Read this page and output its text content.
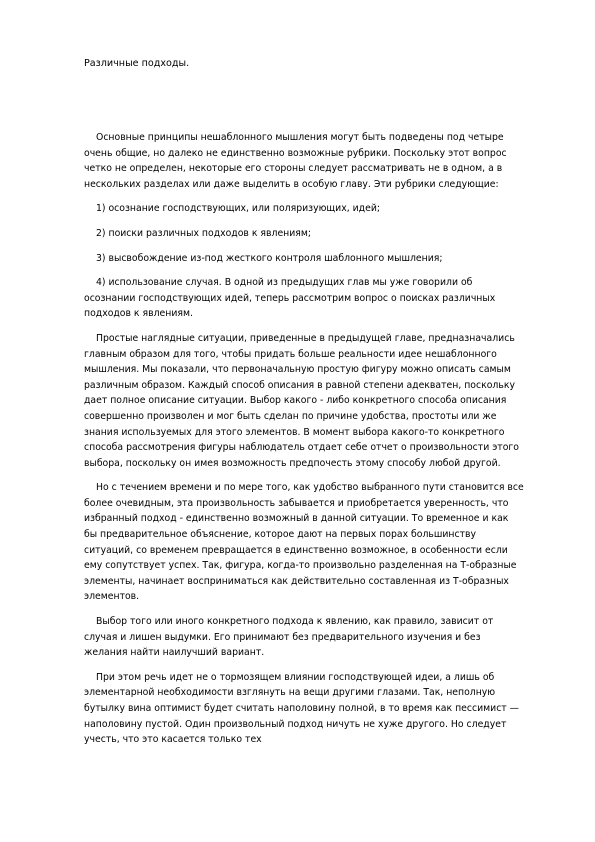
Различные подходы.

Основные принципы нешаблонного мышления могут быть подведены под четыре очень общие, но далеко не единственно возможные рубрики. Поскольку этот вопрос четко не определен, некоторые его стороны следует рассматривать не в одном, а в нескольких разделах или даже выделить в особую главу. Эти рубрики следующие:

1) осознание господствующих, или поляризующих, идей;

2) поиски различных подходов к явлениям;

3) высвобождение из-под жесткого контроля шаблонного мышления;

4) использование случая. В одной из предыдущих глав мы уже говорили об осознании господствующих идей, теперь рассмотрим вопрос о поисках различных подходов к явлениям.

Простые наглядные ситуации, приведенные в предыдущей главе, предназначались главным образом для того, чтобы придать больше реальности идее нешаблонного мышления. Мы показали, что первоначальную простую фигуру можно описать самым различным образом. Каждый способ описания в равной степени адекватен, поскольку дает полное описание ситуации. Выбор какого - либо конкретного способа описания совершенно произволен и мог быть сделан по причине удобства, простоты или же знания используемых для этого элементов. В момент выбора какого-то конкретного способа рассмотрения фигуры наблюдатель отдает себе отчет о произвольности этого выбора, поскольку он имея возможность предпочесть этому способу любой другой.

Но с течением времени и по мере того, как удобство выбранного пути становится все более очевидным, эта произвольность забывается и приобретается уверенность, что избранный подход - единственно возможный в данной ситуации. То временное и как бы предварительное объяснение, которое дают на первых порах большинству ситуаций, со временем превращается в единственно возможное, в особенности если ему сопутствует успех. Так, фигура, когда-то произвольно разделенная на Т-образные элементы, начинает восприниматься как действительно составленная из Т-образных элементов.

Выбор того или иного конкретного подхода к явлению, как правило, зависит от случая и лишен выдумки. Его принимают без предварительного изучения и без желания найти наилучший вариант.

При этом речь идет не о тормозящем влиянии господствующей идеи, а лишь об элементарной необходимости взглянуть на вещи другими глазами. Так, неполную бутылку вина оптимист будет считать наполовину полной, в то время как пессимист — наполовину пустой. Один произвольный подход ничуть не хуже другого. Но следует учесть, что это касается только тех
